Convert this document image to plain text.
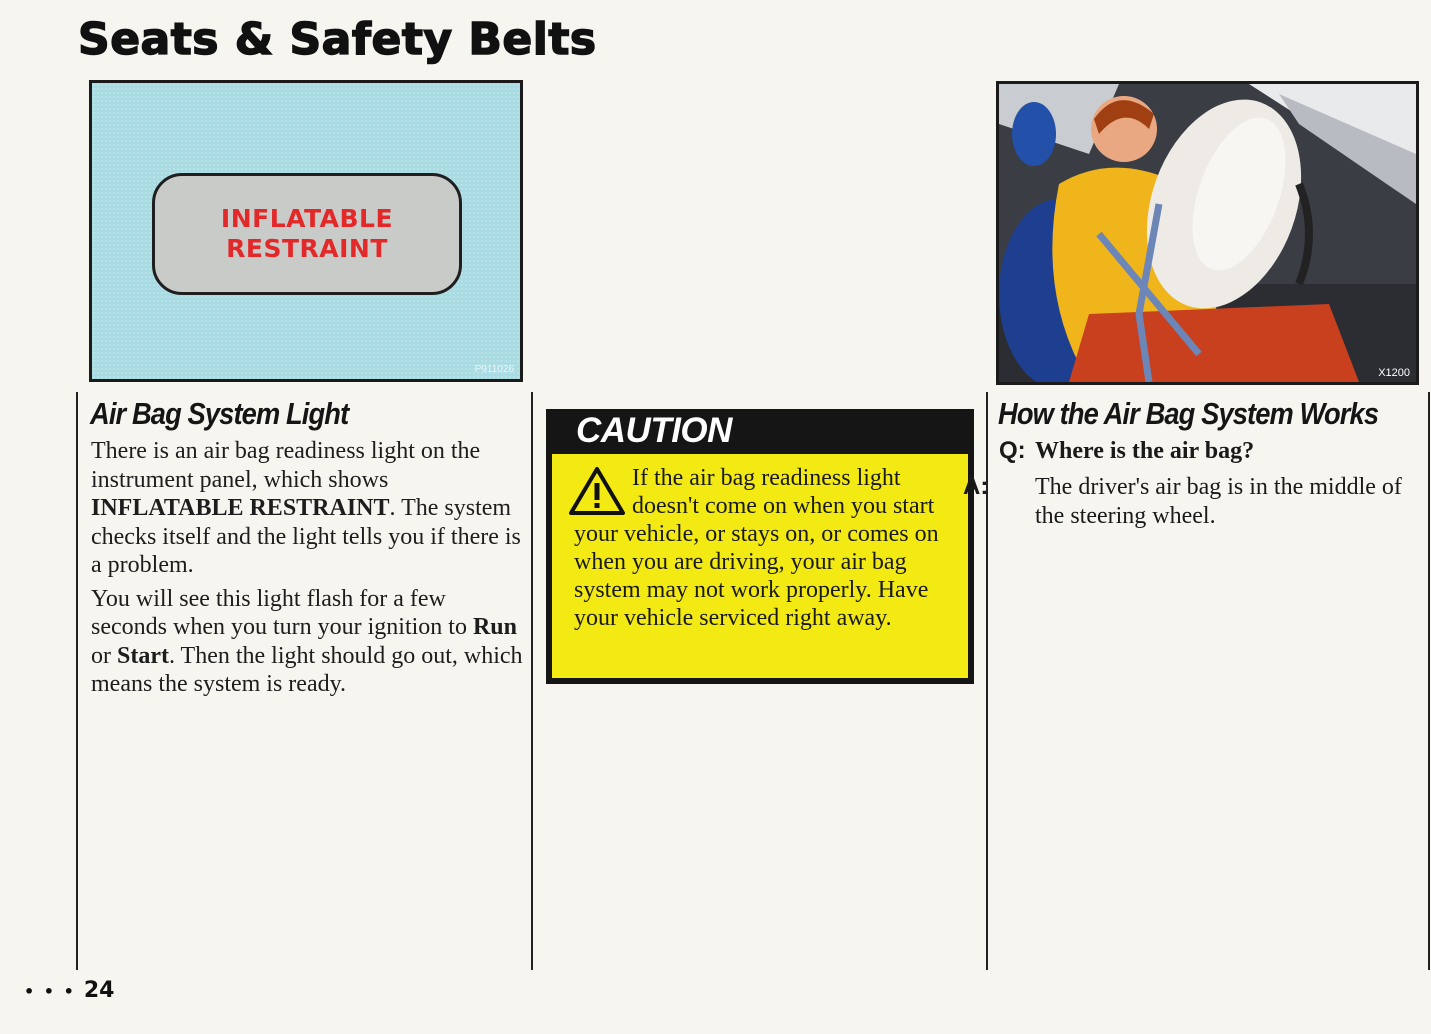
Seats & Safety Belts
INFLATABLE
RESTRAINT
P911026
Air Bag System Light

There is an air bag readiness light on the instrument panel, which shows INFLATABLE RESTRAINT. The system checks itself and the light tells you if there is a problem.

You will see this light flash for a few seconds when you turn your ignition to Run or Start. Then the light should go out, which means the system is ready.

CAUTION
If the air bag readiness light doesn't come on when you start your vehicle, or stays on, or comes on when you are driving, your air bag system may not work properly. Have your vehicle serviced right away.
X1200
How the Air Bag System Works
Q: Where is the air bag?
A: The driver's air bag is in the middle of the steering wheel.
• • • 24
